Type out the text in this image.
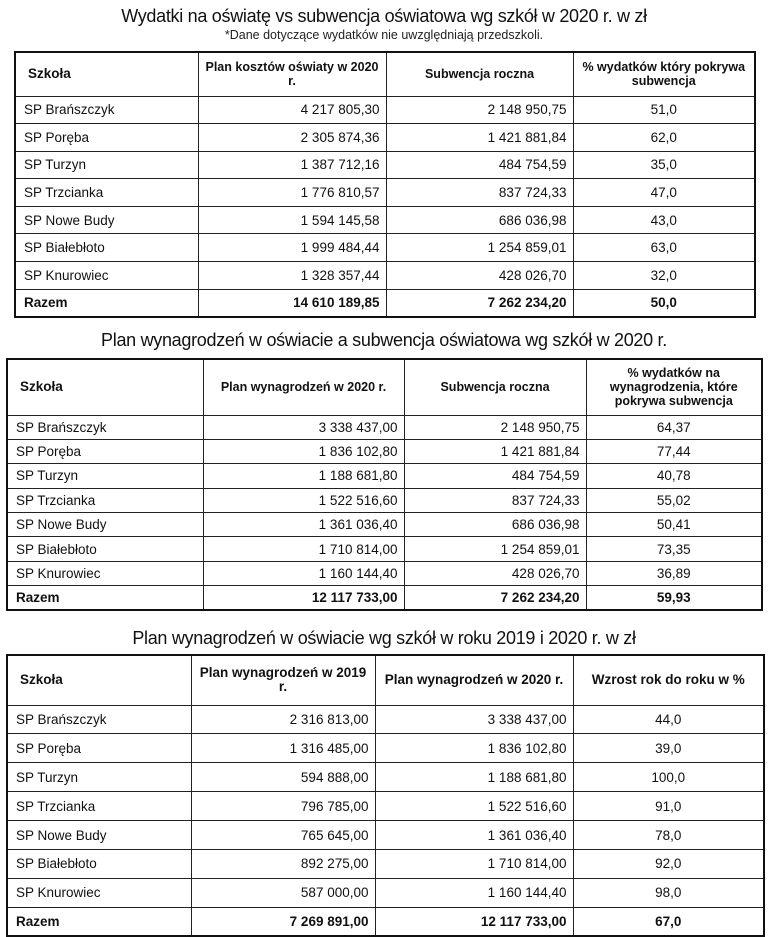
Wydatki na oświatę vs subwencja oświatowa wg szkół w 2020 r. w zł
*Dane dotyczące wydatków nie uwzględniają przedszkoli.
Szkoła	Plan kosztów oświaty w 2020 r.	Subwencja roczna	% wydatków który pokrywa subwencja
SP Brańszczyk	4 217 805,30	2 148 950,75	51,0
SP Poręba	2 305 874,36	1 421 881,84	62,0
SP Turzyn	1 387 712,16	484 754,59	35,0
SP Trzcianka	1 776 810,57	837 724,33	47,0
SP Nowe Budy	1 594 145,58	686 036,98	43,0
SP Białebłoto	1 999 484,44	1 254 859,01	63,0
SP Knurowiec	1 328 357,44	428 026,70	32,0
Razem	14 610 189,85	7 262 234,20	50,0
Plan wynagrodzeń w oświacie a subwencja oświatowa wg szkół w 2020 r.
Szkoła	Plan wynagrodzeń w 2020 r.	Subwencja roczna	% wydatków na wynagrodzenia, które pokrywa subwencja
SP Brańszczyk	3 338 437,00	2 148 950,75	64,37
SP Poręba	1 836 102,80	1 421 881,84	77,44
SP Turzyn	1 188 681,80	484 754,59	40,78
SP Trzcianka	1 522 516,60	837 724,33	55,02
SP Nowe Budy	1 361 036,40	686 036,98	50,41
SP Białebłoto	1 710 814,00	1 254 859,01	73,35
SP Knurowiec	1 160 144,40	428 026,70	36,89
Razem	12 117 733,00	7 262 234,20	59,93
Plan wynagrodzeń w oświacie wg szkół w roku 2019 i 2020 r. w zł
Szkoła	Plan wynagrodzeń w 2019 r.	Plan wynagrodzeń w 2020 r.	Wzrost rok do roku w %
SP Brańszczyk	2 316 813,00	3 338 437,00	44,0
SP Poręba	1 316 485,00	1 836 102,80	39,0
SP Turzyn	594 888,00	1 188 681,80	100,0
SP Trzcianka	796 785,00	1 522 516,60	91,0
SP Nowe Budy	765 645,00	1 361 036,40	78,0
SP Białebłoto	892 275,00	1 710 814,00	92,0
SP Knurowiec	587 000,00	1 160 144,40	98,0
Razem	7 269 891,00	12 117 733,00	67,0
